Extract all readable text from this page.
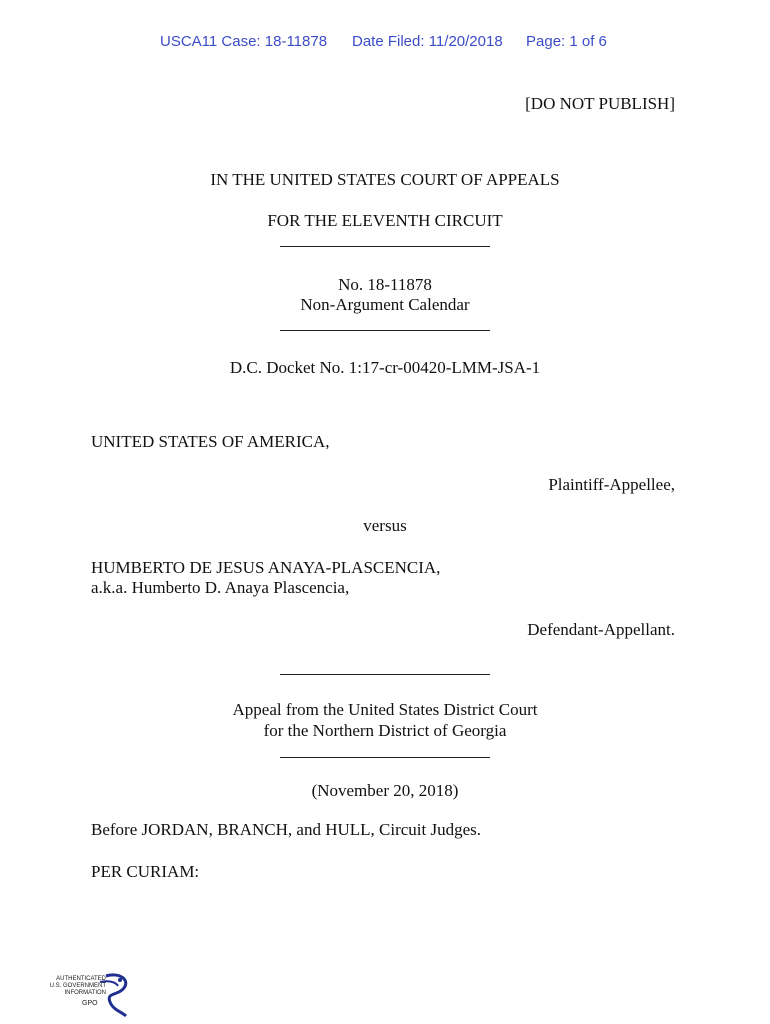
USCA11 Case: 18-11878 Date Filed: 11/20/2018 Page: 1 of 6
[DO NOT PUBLISH]
IN THE UNITED STATES COURT OF APPEALS
FOR THE ELEVENTH CIRCUIT
No. 18-11878
Non-Argument Calendar
D.C. Docket No. 1:17-cr-00420-LMM-JSA-1
UNITED STATES OF AMERICA,
Plaintiff-Appellee,
versus
HUMBERTO DE JESUS ANAYA-PLASCENCIA,
a.k.a. Humberto D. Anaya Plascencia,
Defendant-Appellant.
Appeal from the United States District Court
for the Northern District of Georgia
(November 20, 2018)
Before JORDAN, BRANCH, and HULL, Circuit Judges.
PER CURIAM:
AUTHENTICATED
U.S. GOVERNMENT
INFORMATION
GPO
